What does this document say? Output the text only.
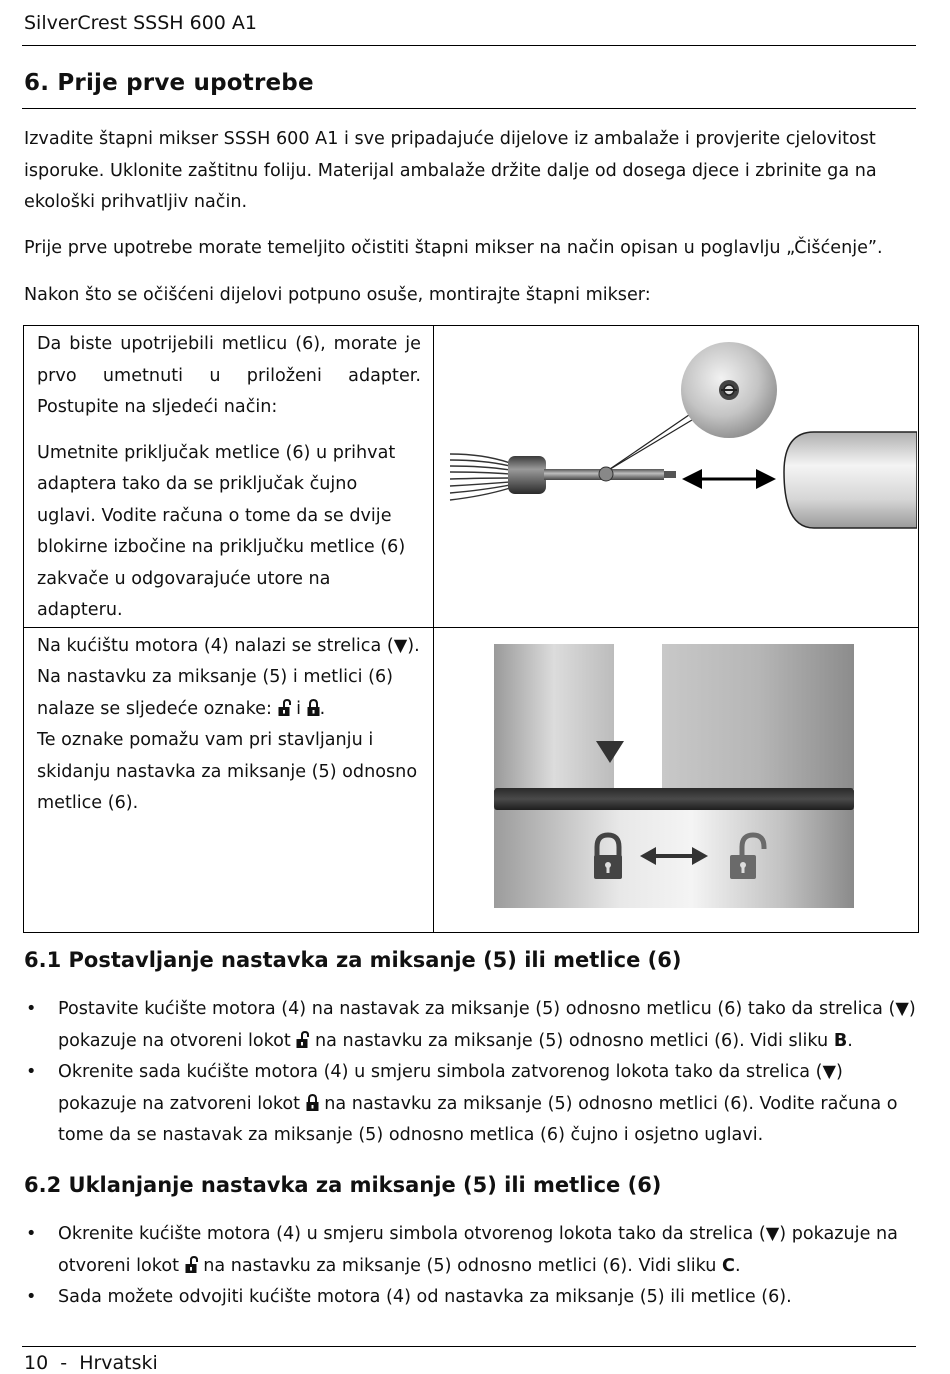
SilverCrest SSSH 600 A1
6. Prije prve upotrebe

Izvadite štapni mikser SSSH 600 A1 i sve pripadajuće dijelove iz ambalaže i provjerite cjelovitost isporuke. Uklonite zaštitnu foliju. Materijal ambalaže držite dalje od dosega djece i zbrinite ga na ekološki prihvatljiv način.

Prije prve upotrebe morate temeljito očistiti štapni mikser na način opisan u poglavlju „Čišćenje”.

Nakon što se očišćeni dijelovi potpuno osuše, montirajte štapni mikser:

Da biste upotrijebili metlicu (6), morate je prvo umetnuti u priloženi adapter. Postupite na sljedeći način:
Umetnite priključak metlice (6) u prihvat adaptera tako da se priključak čujno uglavi. Vodite računa o tome da se dvije blokirne izbočine na priključku metlice (6) zakvače u odgovarajuće utore na adapteru.

Na kućištu motora (4) nalazi se strelica (▼).
Na nastavku za miksanje (5) i metlici (6)
nalaze se sljedeće oznake: i .
Te oznake pomažu vam pri stavljanju i skidanju nastavka za miksanje (5) odnosno metlice (6).

6.1 Postavljanje nastavka za miksanje (5) ili metlice (6)
• Postavite kućište motora (4) na nastavak za miksanje (5) odnosno metlicu (6) tako da strelica (▼) pokazuje na otvoreni lokot na nastavku za miksanje (5) odnosno metlici (6). Vidi sliku B.
• Okrenite sada kućište motora (4) u smjeru simbola zatvorenog lokota tako da strelica (▼) pokazuje na zatvoreni lokot na nastavku za miksanje (5) odnosno metlici (6). Vodite računa o tome da se nastavak za miksanje (5) odnosno metlica (6) čujno i osjetno uglavi.
6.2 Uklanjanje nastavka za miksanje (5) ili metlice (6)
• Okrenite kućište motora (4) u smjeru simbola otvorenog lokota tako da strelica (▼) pokazuje na otvoreni lokot na nastavku za miksanje (5) odnosno metlici (6). Vidi sliku C.
• Sada možete odvojiti kućište motora (4) od nastavka za miksanje (5) ili metlice (6).
10  -  Hrvatski
